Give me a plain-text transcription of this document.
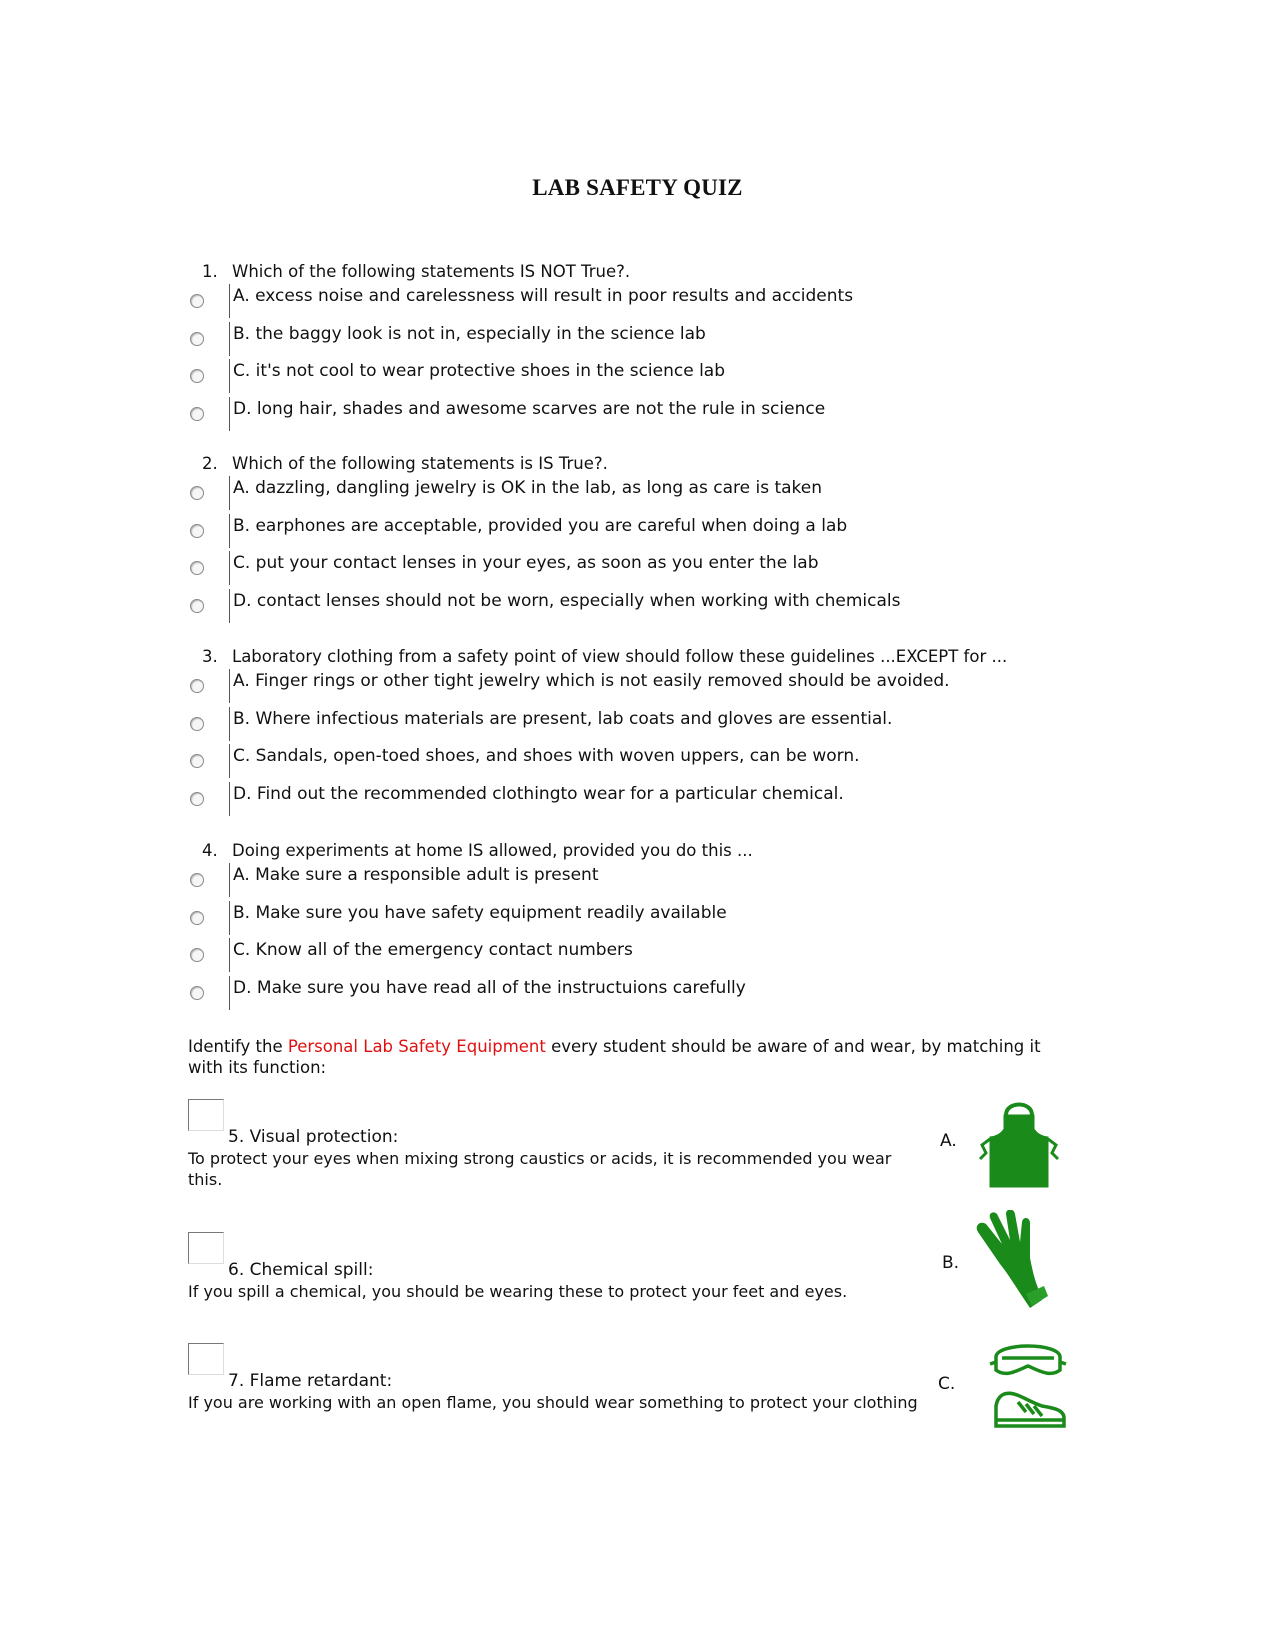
LAB SAFETY QUIZ
1. Which of the following statements IS NOT True?.
A. excess noise and carelessness will result in poor results and accidents
B. the baggy look is not in, especially in the science lab
C. it's not cool to wear protective shoes in the science lab
D. long hair, shades and awesome scarves are not the rule in science
2. Which of the following statements is IS True?.
A. dazzling, dangling jewelry is OK in the lab, as long as care is taken
B. earphones are acceptable, provided you are careful when doing a lab
C. put your contact lenses in your eyes, as soon as you enter the lab
D. contact lenses should not be worn, especially when working with chemicals
3. Laboratory clothing from a safety point of view should follow these guidelines ...EXCEPT for ...
A. Finger rings or other tight jewelry which is not easily removed should be avoided.
B. Where infectious materials are present, lab coats and gloves are essential.
C. Sandals, open-toed shoes, and shoes with woven uppers, can be worn.
D. Find out the recommended clothingto wear for a particular chemical.
4. Doing experiments at home IS allowed, provided you do this ...
A. Make sure a responsible adult is present
B. Make sure you have safety equipment readily available
C. Know all of the emergency contact numbers
D. Make sure you have read all of the instructuions carefully
Identify the Personal Lab Safety Equipment every student should be aware of and wear, by matching it with its function:
5. Visual protection:
To protect your eyes when mixing strong caustics or acids, it is recommended you wear this.
6. Chemical spill:
If you spill a chemical, you should be wearing these to protect your feet and eyes.
7. Flame retardant:
If you are working with an open flame, you should wear something to protect your clothing
A.
B.
C.
